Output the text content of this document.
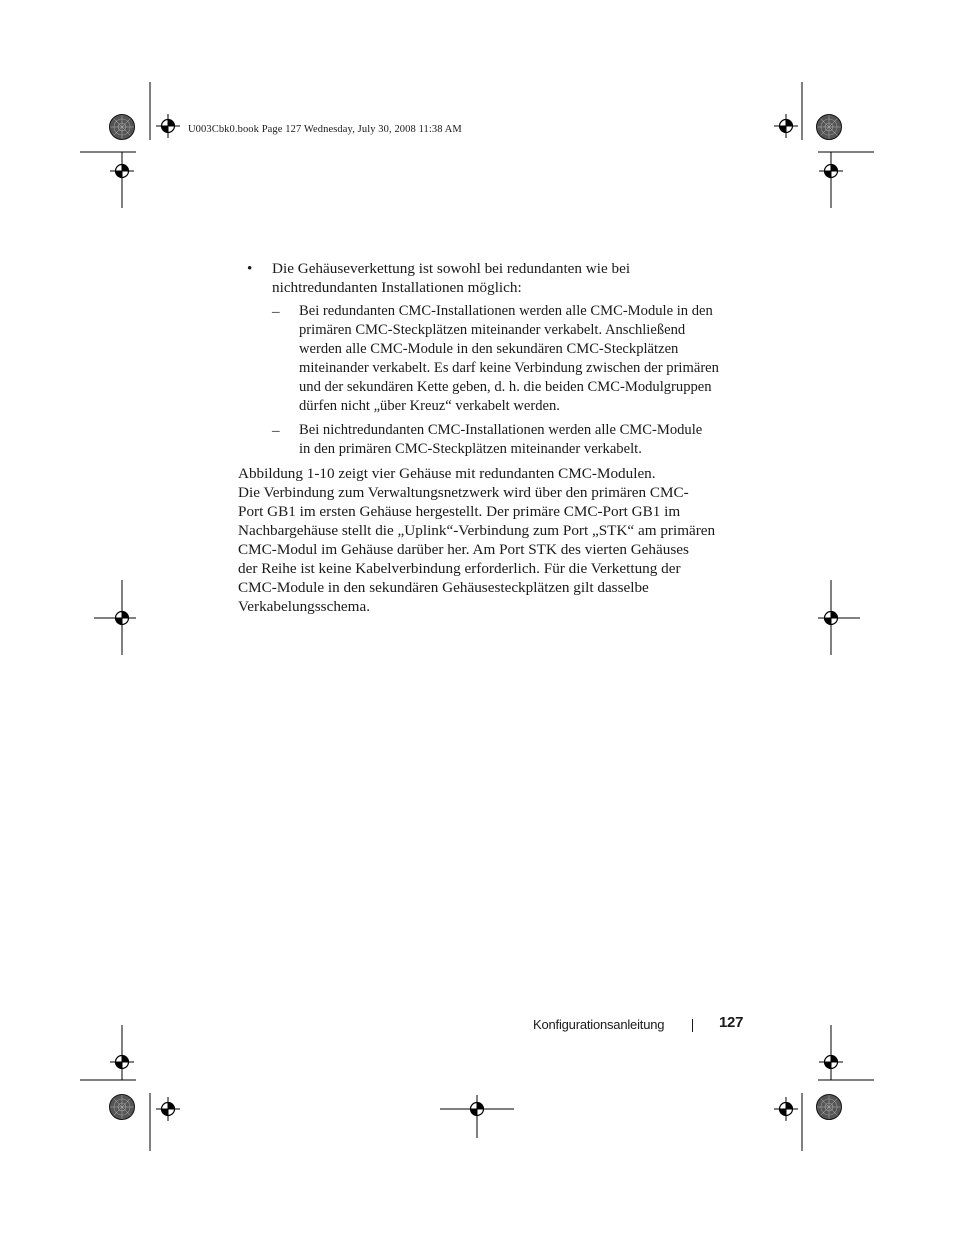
U003Cbk0.book Page 127 Wednesday, July 30, 2008 11:38 AM
• Die Gehäuseverkettung ist sowohl bei redundanten wie bei
nichtredundanten Installationen möglich:
– Bei redundanten CMC-Installationen werden alle CMC-Module in den
primären CMC-Steckplätzen miteinander verkabelt. Anschließend
werden alle CMC-Module in den sekundären CMC-Steckplätzen
miteinander verkabelt. Es darf keine Verbindung zwischen der primären
und der sekundären Kette geben, d. h. die beiden CMC-Modulgruppen
dürfen nicht „über Kreuz“ verkabelt werden.
– Bei nichtredundanten CMC-Installationen werden alle CMC-Module
in den primären CMC-Steckplätzen miteinander verkabelt.
Abbildung 1-10 zeigt vier Gehäuse mit redundanten CMC-Modulen.
Die Verbindung zum Verwaltungsnetzwerk wird über den primären CMC-
Port GB1 im ersten Gehäuse hergestellt. Der primäre CMC-Port GB1 im
Nachbargehäuse stellt die „Uplink“-Verbindung zum Port „STK“ am primären
CMC-Modul im Gehäuse darüber her. Am Port STK des vierten Gehäuses
der Reihe ist keine Kabelverbindung erforderlich. Für die Verkettung der
CMC-Module in den sekundären Gehäusesteckplätzen gilt dasselbe
Verkabelungsschema.
Konfigurationsanleitung	127
